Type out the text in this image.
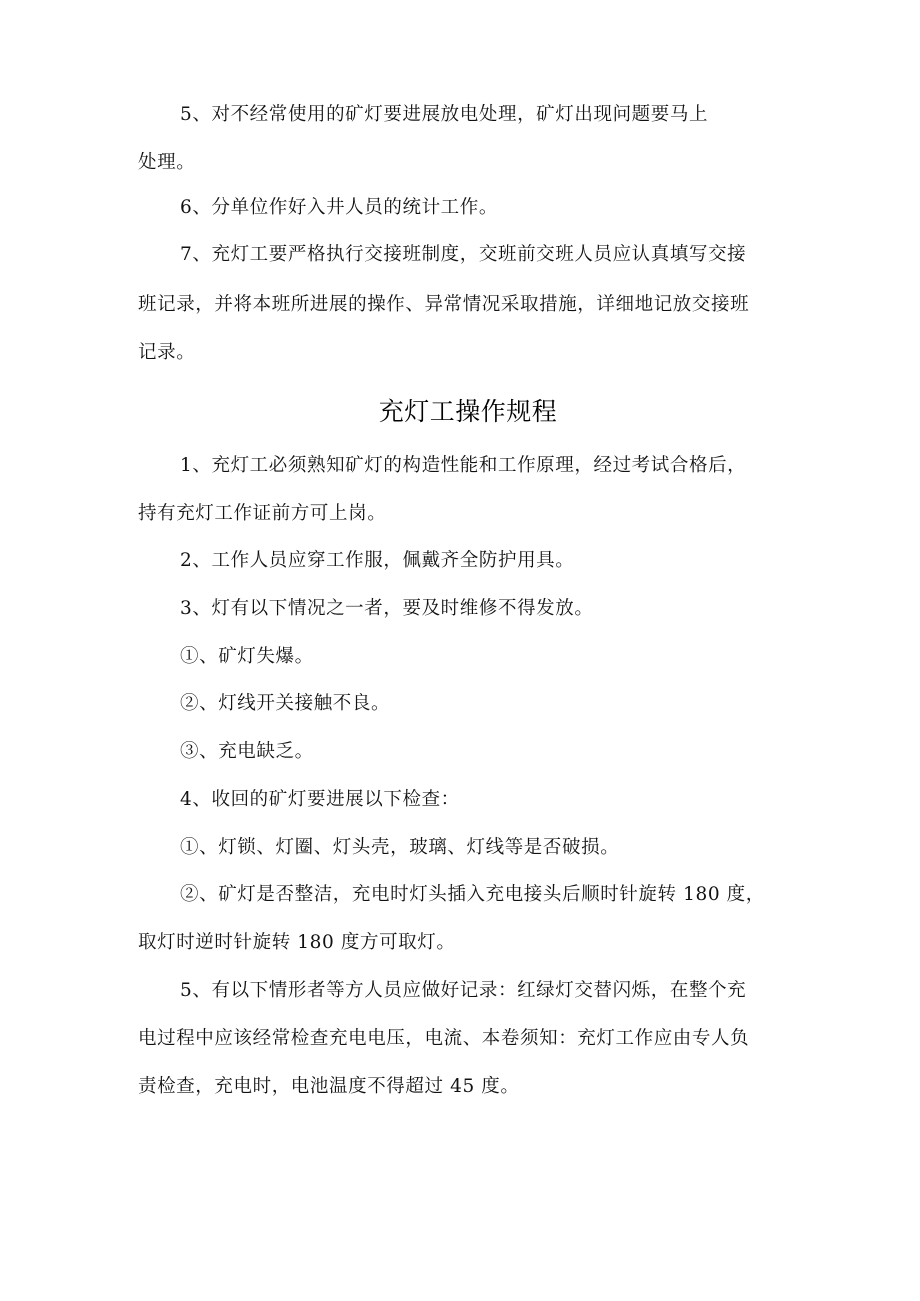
5、对不经常使用的矿灯要进展放电处理，矿灯出现问题要马上
处理。
6、分单位作好入井人员的统计工作。
7、充灯工要严格执行交接班制度，交班前交班人员应认真填写交接
班记录，并将本班所进展的操作、异常情况采取措施，详细地记放交接班
记录。
充灯工操作规程
1、充灯工必须熟知矿灯的构造性能和工作原理，经过考试合格后，
持有充灯工作证前方可上岗。
2、工作人员应穿工作服，佩戴齐全防护用具。
3、灯有以下情况之一者，要及时维修不得发放。
①、矿灯失爆。
②、灯线开关接触不良。
③、充电缺乏。
4、收回的矿灯要进展以下检查：
①、灯锁、灯圈、灯头壳，玻璃、灯线等是否破损。
②、矿灯是否整洁，充电时灯头插入充电接头后顺时针旋转 180 度，
取灯时逆时针旋转 180 度方可取灯。
5、有以下情形者等方人员应做好记录：红绿灯交替闪烁，在整个充
电过程中应该经常检查充电电压，电流、本卷须知：充灯工作应由专人负
责检查，充电时，电池温度不得超过 45 度。
